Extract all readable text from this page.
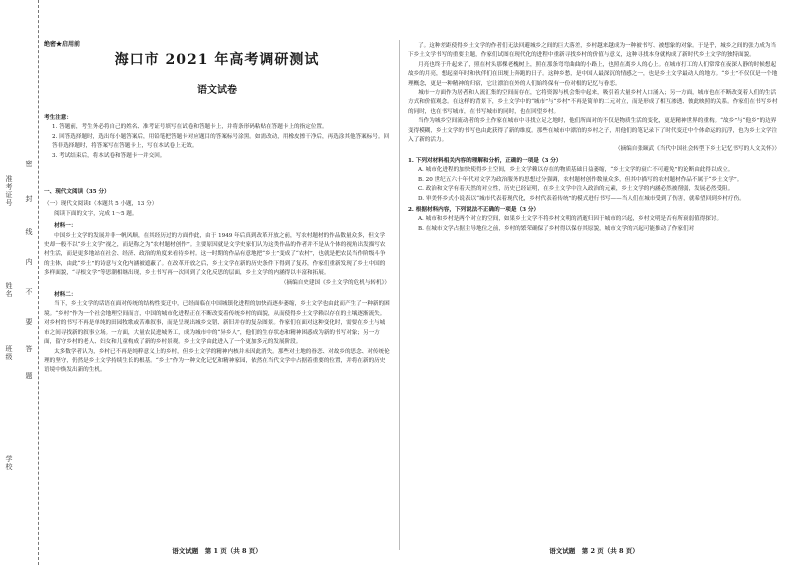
准考证号
姓名
班级
学校
密
封
线
内
不
要
答
题
绝密★启用前
海口市 2021 年高考调研测试
语文试卷

考生注意：

1. 答题前，考生务必将自己的姓名、准考证号填写在试卷和答题卡上，并将条形码粘贴在答题卡上的指定位置。

2. 回答选择题时，选出每小题答案后，用铅笔把答题卡对应题目的答案标号涂黑。如需改动，用橡皮擦干净后，再选涂其他答案标号。回答非选择题时，将答案写在答题卡上，写在本试卷上无效。

3. 考试结束后，将本试卷和答题卡一并交回。

一、现代文阅读（35 分）

（一）现代文阅读Ⅰ（本题共 5 小题，13 分）

阅读下面的文字，完成 1～5 题。

材料一：

中国乡土文学的发展并非一帆风顺，在其经历过的方面作此，由于 1949 年后真到改革开放之前，写农村题材的作品数量众多，但文学史却一般不以“乡土文学”视之，而是称之为“农村题材创作”。主要原因就是文学史家们认为这类作品的作者并不是从个体的视角出发描写农村生活，而是更多地站在社会、经济、政治的角度来看待乡村。这一时期的作品有意地把“乡土”变成了“农村”，也就是把农民当作阶级斗争的主体，由此“乡土”的诗意与文化内涵被遮蔽了。在改革开放之后，乡土文学在新的历史条件下得到了复苏，作家们重新发现了乡土中国的多样面貌，“寻根文学”等思潮相继出现，乡土书写再一次回到了文化反思的层面，乡土文学的内涵得以丰富和拓展。

（摘编自史建国《乡土文学的危机与转机》）

材料二：

当下，乡土文学的话语在面对传统的结构性变迁中，已经面临在中国城镇化进程的加快而逐步萎缩，乡土文学也由此而产生了一种新的困境。“乡村”作为一个社会地理空间而言，中国的城市化进程正在不断改变着传统乡村的面貌，从而使得乡土文学赖以存在的土壤逐渐流失。对乡村的书写不再是单纯的田园牧歌或苦难叙事，而是呈现出城乡交错、新旧并存的复杂图景。作家们在面对这种变化时，需要在乡土与城市之间寻找新的叙事立场。一方面，大量农民进城务工，成为城市中的“异乡人”，他们的生存状态和精神困惑成为新的书写对象；另一方面，留守乡村的老人、妇女和儿童构成了新的乡村景观。乡土文学由此进入了一个更加多元的发展阶段。

太多数学者认为，乡村已不再是纯粹意义上的乡村，但乡土文学的精神内核并未因此消失。那些对土地的眷恋、对故乡的思念、对传统伦理的坚守，仍然是乡土文学持续生长的根基。“乡土”作为一种文化记忆和精神家园，依然在当代文学中占据着重要的位置，并将在新的历史语境中焕发出新的生机。

语文试题　第 1 页（共 8 页）

了。这种差距使得乡土文学的作者们无法回避城乡之间的巨大落差，乡村越来越成为一种被书写、被想象的对象。于是乎，城乡之间的张力成为当下乡土文学书写的重要主题，作家们试图在现代化的进程中重新寻找乡村的价值与意义，这种寻找本身就构成了新时代乡土文学的独特面貌。

月亮也终于升起来了，照在村头那棵老槐树上，照在那条弯弯曲曲的小路上，也照在离乡人的心上。在城市打工的人们常常在夜深人静的时候想起故乡的月亮，想起童年时和伙伴们在田埂上奔跑的日子。这种乡愁，是中国人最深沉的情感之一，也是乡土文学最动人的地方。“乡土”不仅仅是一个地理概念，更是一种精神的归宿，它让漂泊在外的人们始终保有一份对根的记忆与眷恋。

城市一方面作为居者和人流汇集的空间而存在，它将资源与机会集中起来，吸引着大量乡村人口涌入；另一方面，城市也在不断改变着人们的生活方式和价值观念。在这样的背景下，乡土文学中的“城市”与“乡村”不再是简单的二元对立，而是形成了相互渗透、彼此映照的关系。作家们在书写乡村的同时，也在书写城市，在书写城市的同时，也在回望乡村。

当作为城乡空间流动者的乡土作家在城市中寻找立足之地时，他们所面对的不仅是物质生活的变化，更是精神世界的重构。“故乡”与“他乡”的边界变得模糊，乡土文学的书写也由此获得了新的维度。那些在城市中漂泊的乡村之子，用他们的笔记录下了时代变迁中个体命运的沉浮，也为乡土文学注入了新的活力。

（摘编自张颐武《当代中国社会转型下乡土记忆书写的人文关怀》）

1. 下列对材料相关内容的理解和分析，正确的一项是（3 分）

A. 城市化进程的加快使得乡土空间，乡土文学赖以存在的物质基础日益萎缩，“乡土文学的衰亡不可避免”的论断由此得以成立。

B. 20 世纪五六十年代对文学为政治服务的思想过分强调，农村题材创作数量众多，但其中描写的农村题材作品不属于“乡土文学”。

C. 政治和文学有着天然的对立性，历史已经证明，在乡土文学中注入政治的元素，乡土文学的内涵必然被削弱，发展必然受阻。

D. 审美怀乡式小说表以“城市代表着现代化，乡村代表着传统”的模式进行书写——当人们在城市受到了伤害，就希望回到乡村疗伤。

2. 根据材料内容，下列说法不正确的一项是（3 分）

A. 城市和乡村是两个对立的空间，如果乡土文学不将乡村文明的消逝归因于城市的兴起，乡村文明是否有所衰弱值得探讨。

B. 在城市文学占据主导地位之前，乡村的繁荣确保了乡村得以保存其原貌，城市文学的兴起可能推动了作家们对

语文试题　第 2 页（共 8 页）
